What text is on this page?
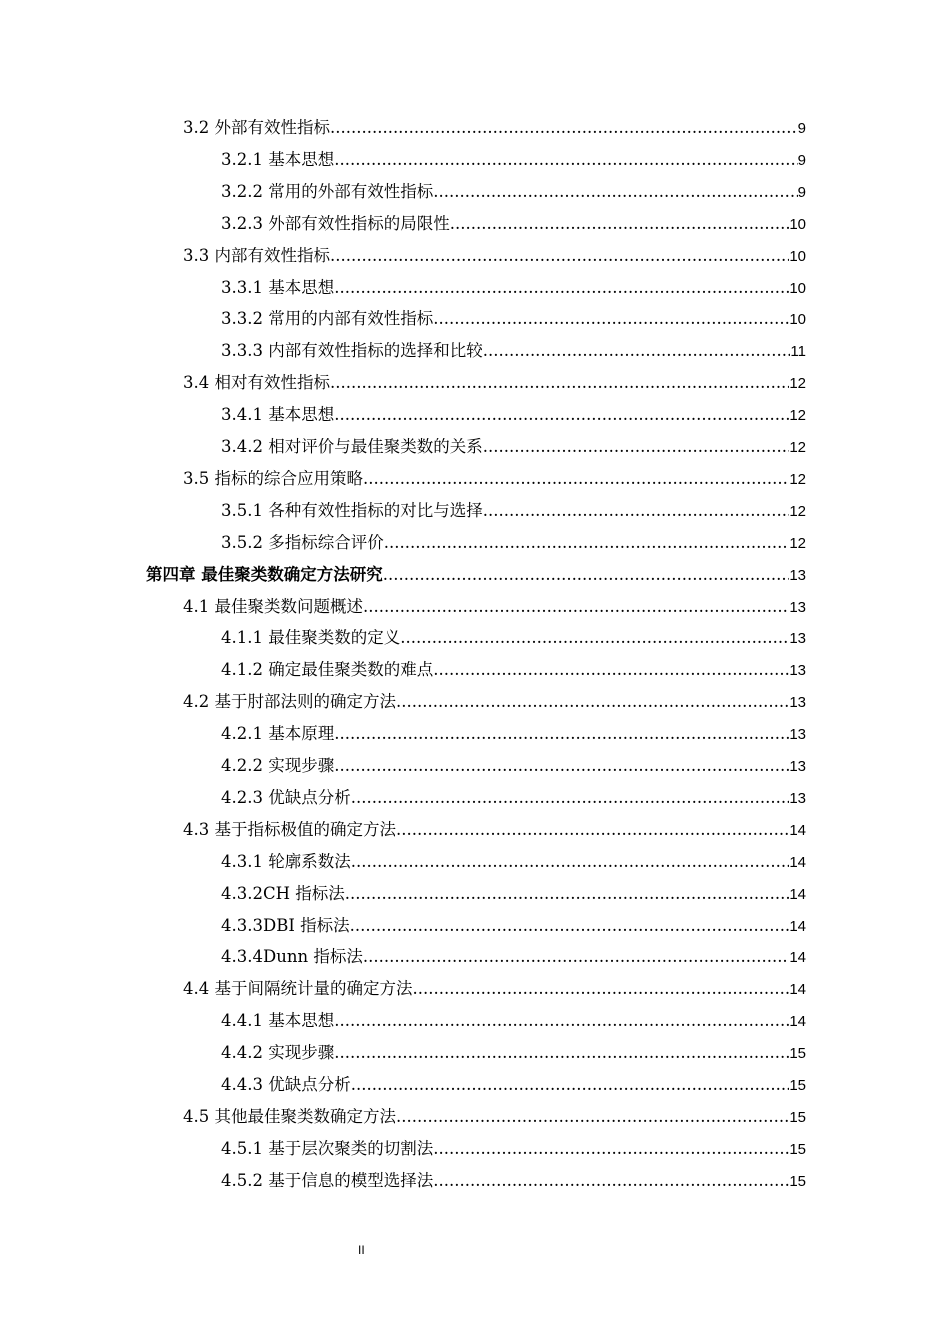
3.2 外部有效性指标 .....	9
3.2.1 基本思想 .....	9
3.2.2 常用的外部有效性指标 .....	9
3.2.3 外部有效性指标的局限性 .....	10
3.3 内部有效性指标 .....	10
3.3.1 基本思想 .....	10
3.3.2 常用的内部有效性指标 .....	10
3.3.3 内部有效性指标的选择和比较 .....	11
3.4 相对有效性指标 .....	12
3.4.1 基本思想 .....	12
3.4.2 相对评价与最佳聚类数的关系 .....	12
3.5 指标的综合应用策略 .....	12
3.5.1 各种有效性指标的对比与选择 .....	12
3.5.2 多指标综合评价 .....	12
第四章 最佳聚类数确定方法研究 .....	13
4.1 最佳聚类数问题概述 .....	13
4.1.1 最佳聚类数的定义 .....	13
4.1.2 确定最佳聚类数的难点 .....	13
4.2 基于肘部法则的确定方法 .....	13
4.2.1 基本原理 .....	13
4.2.2 实现步骤 .....	13
4.2.3 优缺点分析 .....	13
4.3 基于指标极值的确定方法 .....	14
4.3.1 轮廓系数法 .....	14
4.3.2CH 指标法 .....	14
4.3.3DBI 指标法 .....	14
4.3.4Dunn 指标法 .....	14
4.4 基于间隔统计量的确定方法 .....	14
4.4.1 基本思想 .....	14
4.4.2 实现步骤 .....	15
4.4.3 优缺点分析 .....	15
4.5 其他最佳聚类数确定方法 .....	15
4.5.1 基于层次聚类的切割法 .....	15
4.5.2 基于信息的模型选择法 .....	15
II
